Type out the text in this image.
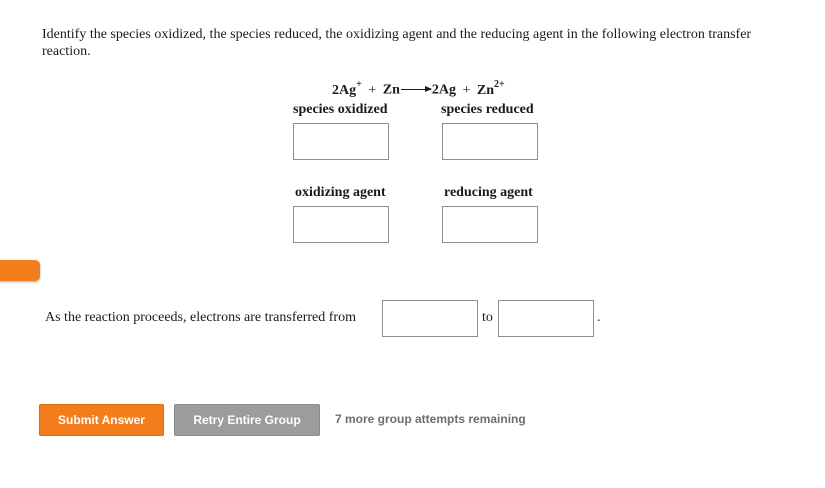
Identify the species oxidized, the species reduced, the oxidizing agent and the reducing agent in the following electron transfer reaction.

$2Ag^+ + Zn\to 2Ag + Zn^{2+}$
species oxidized	species reduced
oxidizing agent	reducing agent
As the reaction proceeds, electrons are transferred from	to	.
Submit Answer	Retry Entire Group	7 more group attempts remaining
